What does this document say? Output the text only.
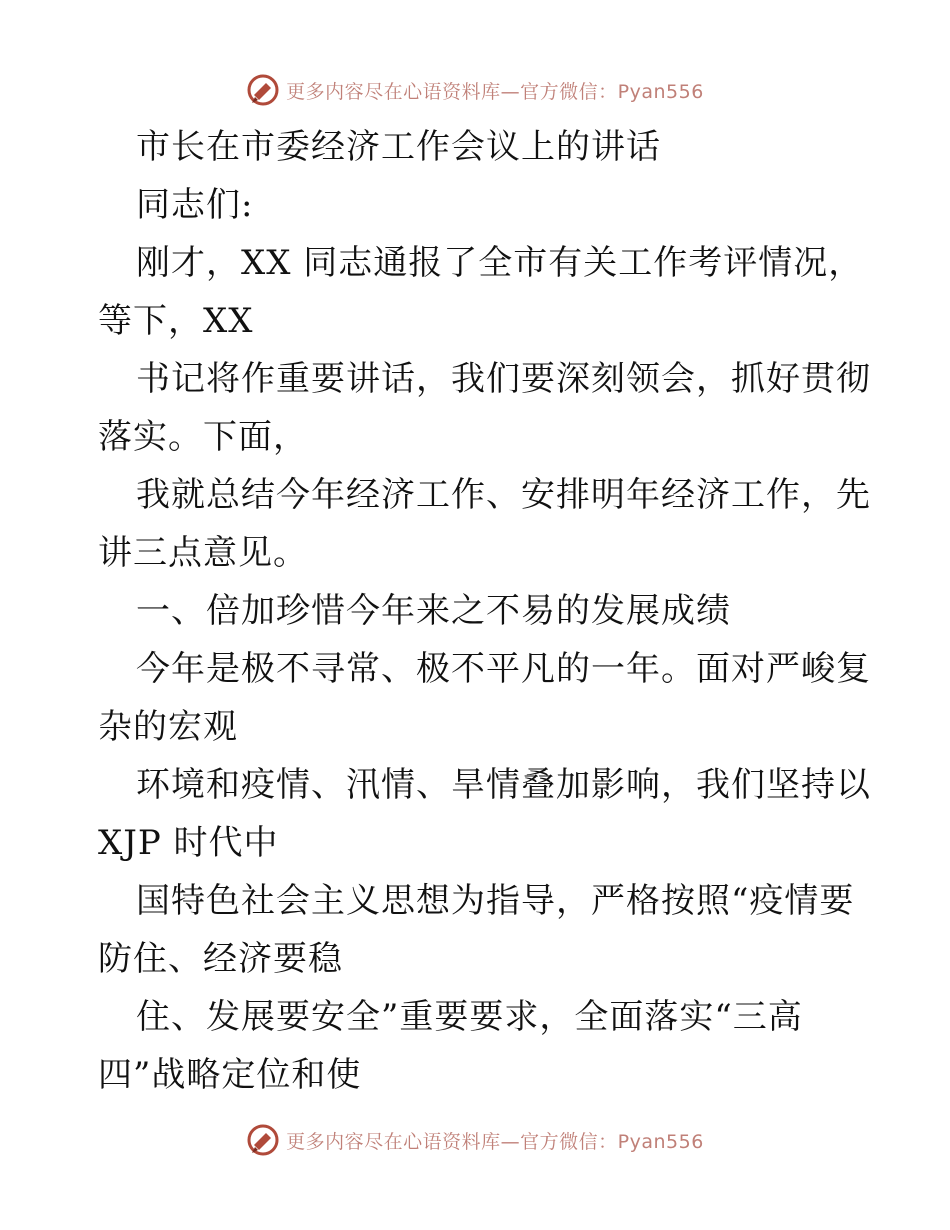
更多内容尽在心语资料库—官方微信：Pyan556
市长在市委经济工作会议上的讲话
同志们:
刚才，XX 同志通报了全市有关工作考评情况，
等下，XX
书记将作重要讲话，我们要深刻领会，抓好贯彻
落实。下面，
我就总结今年经济工作、安排明年经济工作，先
讲三点意见。
一、倍加珍惜今年来之不易的发展成绩
今年是极不寻常、极不平凡的一年。面对严峻复
杂的宏观
环境和疫情、汛情、旱情叠加影响，我们坚持以
XJP 时代中
国特色社会主义思想为指导，严格按照“疫情要
防住、经济要稳
住、发展要安全”重要要求，全面落实“三高
四”战略定位和使
更多内容尽在心语资料库—官方微信：Pyan556
